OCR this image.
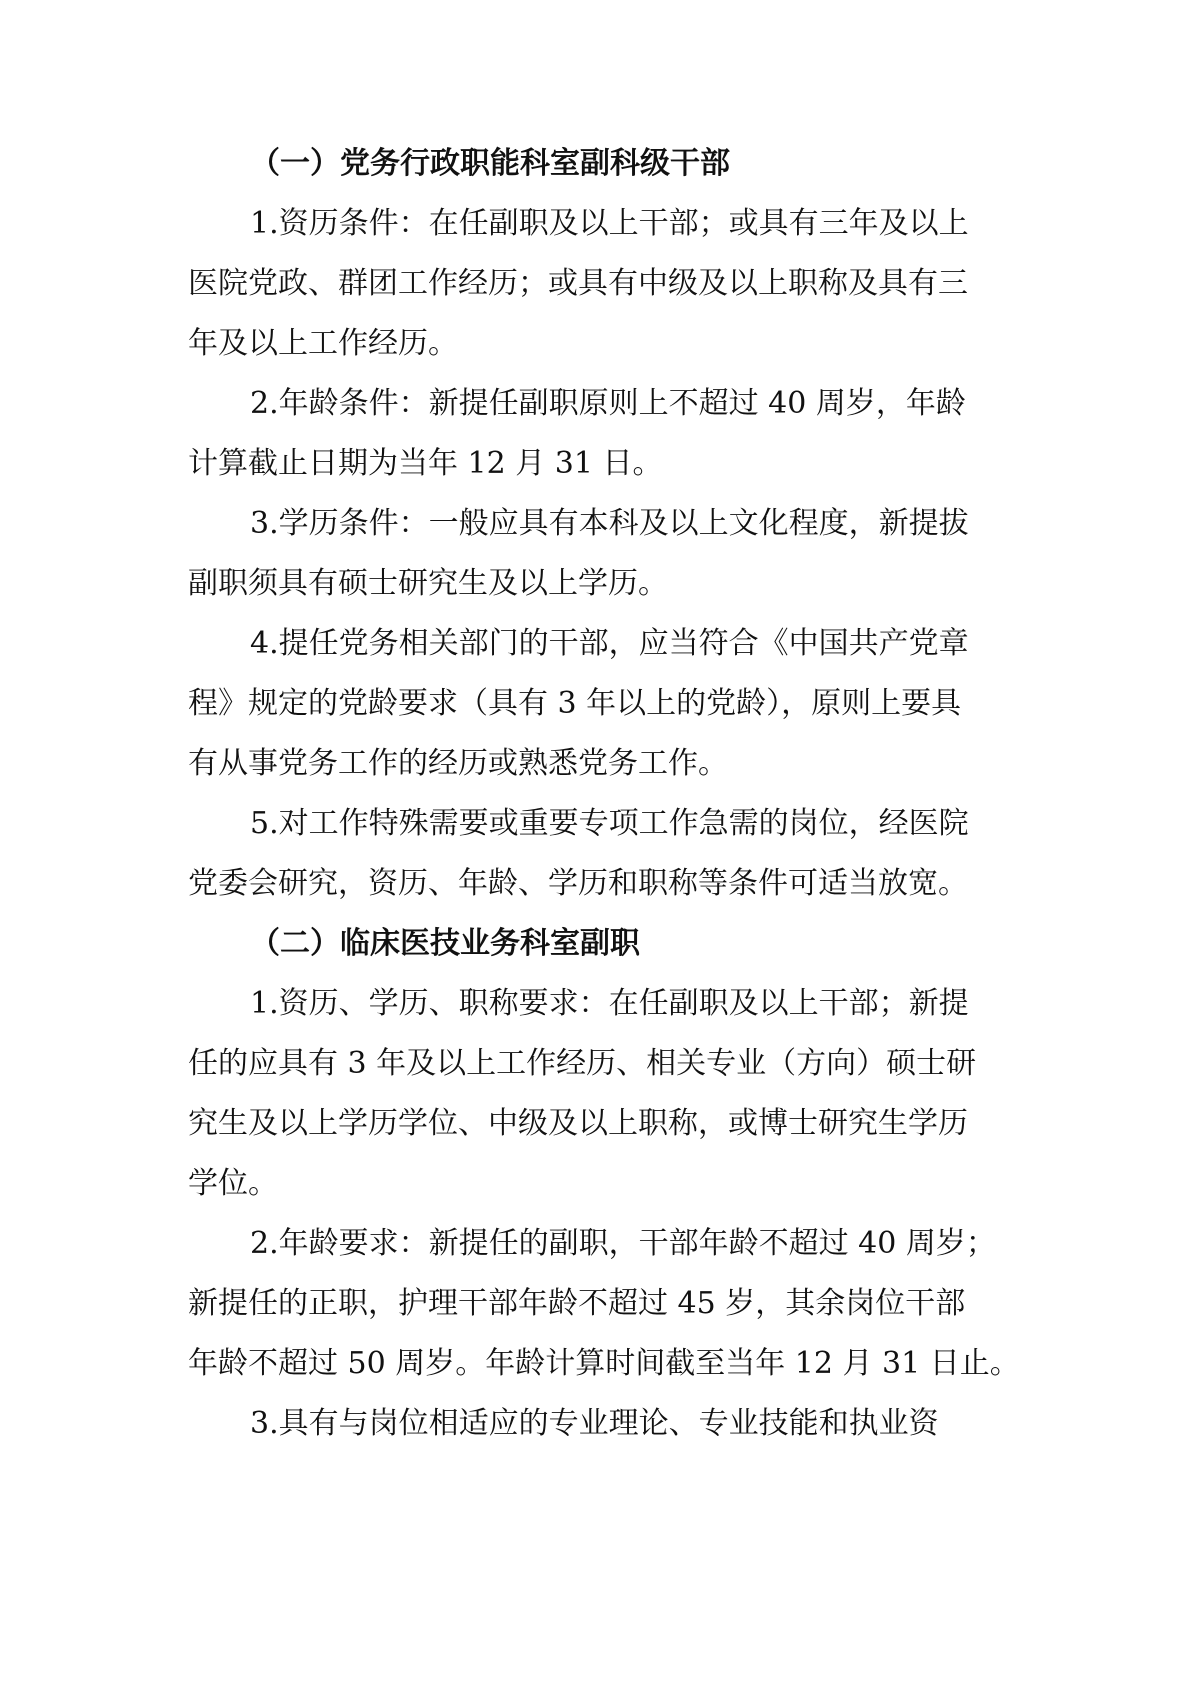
（一）党务行政职能科室副科级干部
1.资历条件：在任副职及以上干部；或具有三年及以上
医院党政、群团工作经历；或具有中级及以上职称及具有三
年及以上工作经历。
2.年龄条件：新提任副职原则上不超过 40 周岁，年龄
计算截止日期为当年 12 月 31 日。
3.学历条件：一般应具有本科及以上文化程度，新提拔
副职须具有硕士研究生及以上学历。
4.提任党务相关部门的干部，应当符合《中国共产党章
程》规定的党龄要求（具有 3 年以上的党龄），原则上要具
有从事党务工作的经历或熟悉党务工作。
5.对工作特殊需要或重要专项工作急需的岗位，经医院
党委会研究，资历、年龄、学历和职称等条件可适当放宽。
（二）临床医技业务科室副职
1.资历、学历、职称要求：在任副职及以上干部；新提
任的应具有 3 年及以上工作经历、相关专业（方向）硕士研
究生及以上学历学位、中级及以上职称，或博士研究生学历
学位。
2.年龄要求：新提任的副职，干部年龄不超过 40 周岁；
新提任的正职，护理干部年龄不超过 45 岁，其余岗位干部
年龄不超过 50 周岁。年龄计算时间截至当年 12 月 31 日止。
3.具有与岗位相适应的专业理论、专业技能和执业资
